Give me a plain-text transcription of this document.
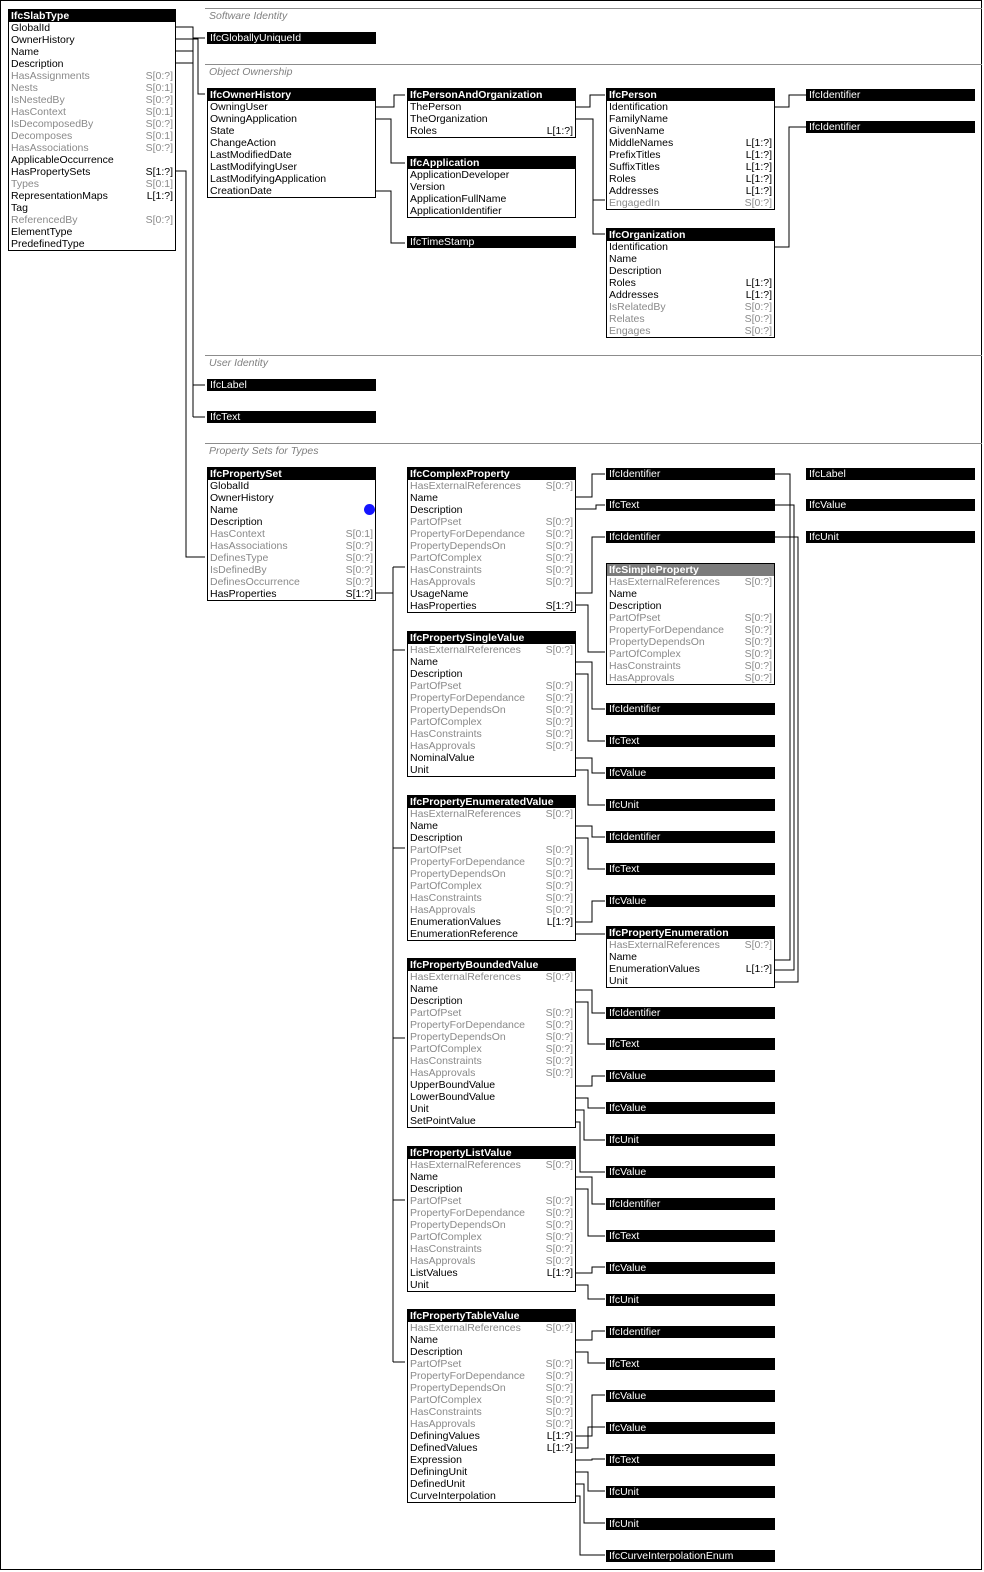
Software Identity
Object Ownership
User Identity
Property Sets for Types
IfcSlabType
GlobalId
OwnerHistory
Name
Description
HasAssignments	S[0:?]
Nests	S[0:1]
IsNestedBy	S[0:?]
HasContext	S[0:1]
IsDecomposedBy	S[0:?]
Decomposes	S[0:1]
HasAssociations	S[0:?]
ApplicableOccurrence
HasPropertySets	S[1:?]
Types	S[0:1]
RepresentationMaps	L[1:?]
Tag
ReferencedBy	S[0:?]
ElementType
PredefinedType
IfcOwnerHistory
OwningUser
OwningApplication
State
ChangeAction
LastModifiedDate
LastModifyingUser
LastModifyingApplication
CreationDate
IfcPersonAndOrganization
ThePerson
TheOrganization
Roles	L[1:?]
IfcApplication
ApplicationDeveloper
Version
ApplicationFullName
ApplicationIdentifier
IfcPerson
Identification
FamilyName
GivenName
MiddleNames	L[1:?]
PrefixTitles	L[1:?]
SuffixTitles	L[1:?]
Roles	L[1:?]
Addresses	L[1:?]
EngagedIn	S[0:?]
IfcOrganization
Identification
Name
Description
Roles	L[1:?]
Addresses	L[1:?]
IsRelatedBy	S[0:?]
Relates	S[0:?]
Engages	S[0:?]
IfcPropertySet
GlobalId
OwnerHistory
Name
Description
HasContext	S[0:1]
HasAssociations	S[0:?]
DefinesType	S[0:?]
IsDefinedBy	S[0:?]
DefinesOccurrence	S[0:?]
HasProperties	S[1:?]
IfcComplexProperty
HasExternalReferences S[0:?]
Name
Description
PartOfPset	S[0:?]
PropertyForDependance S[0:?]
PropertyDependsOn	S[0:?]
PartOfComplex	S[0:?]
HasConstraints	S[0:?]
HasApprovals	S[0:?]
UsageName
HasProperties	S[1:?]
IfcSimpleProperty
HasExternalReferences S[0:?]
Name
Description
PartOfPset	S[0:?]
PropertyForDependance S[0:?]
PropertyDependsOn	S[0:?]
PartOfComplex	S[0:?]
HasConstraints	S[0:?]
HasApprovals	S[0:?]
IfcPropertySingleValue
HasExternalReferences S[0:?]
Name
Description
PartOfPset	S[0:?]
PropertyForDependance S[0:?]
PropertyDependsOn	S[0:?]
PartOfComplex	S[0:?]
HasConstraints	S[0:?]
HasApprovals	S[0:?]
NominalValue
Unit
IfcPropertyEnumeratedValue
HasExternalReferences S[0:?]
Name
Description
PartOfPset	S[0:?]
PropertyForDependance S[0:?]
PropertyDependsOn	S[0:?]
PartOfComplex	S[0:?]
HasConstraints	S[0:?]
HasApprovals	S[0:?]
EnumerationValues	L[1:?]
EnumerationReference	IfcPropertyEnumeration
HasExternalReferences S[0:?]
Name
EnumerationValues	L[1:?]
Unit
IfcPropertyBoundedValue
HasExternalReferences S[0:?]
Name
Description
PartOfPset	S[0:?]
PropertyForDependance S[0:?]
PropertyDependsOn	S[0:?]
PartOfComplex	S[0:?]
HasConstraints	S[0:?]
HasApprovals	S[0:?]
UpperBoundValue
LowerBoundValue
Unit
SetPointValue
IfcPropertyListValue
HasExternalReferences S[0:?]
Name
Description
PartOfPset	S[0:?]
PropertyForDependance S[0:?]
PropertyDependsOn	S[0:?]
PartOfComplex	S[0:?]
HasConstraints	S[0:?]
HasApprovals	S[0:?]
ListValues	L[1:?]
Unit
IfcPropertyTableValue
HasExternalReferences S[0:?]
Name
Description
PartOfPset	S[0:?]
PropertyForDependance S[0:?]
PropertyDependsOn	S[0:?]
PartOfComplex	S[0:?]
HasConstraints	S[0:?]
HasApprovals	S[0:?]
DefiningValues	L[1:?]
DefinedValues	L[1:?]
Expression
DefiningUnit
DefinedUnit
CurveInterpolation
IfcGloballyUniqueId
IfcTimeStamp
IfcIdentifier
IfcIdentifier
IfcLabel
IfcText
IfcIdentifier
IfcText
IfcIdentifier
IfcLabel
IfcValue
IfcUnit
IfcIdentifier
IfcText
IfcValue
IfcUnit
IfcIdentifier
IfcText
IfcValue
IfcIdentifier
IfcText
IfcValue
IfcValue
IfcUnit
IfcValue
IfcIdentifier
IfcText
IfcValue
IfcUnit
IfcIdentifier
IfcText
IfcValue
IfcValue
IfcText
IfcUnit
IfcUnit
IfcCurveInterpolationEnum
